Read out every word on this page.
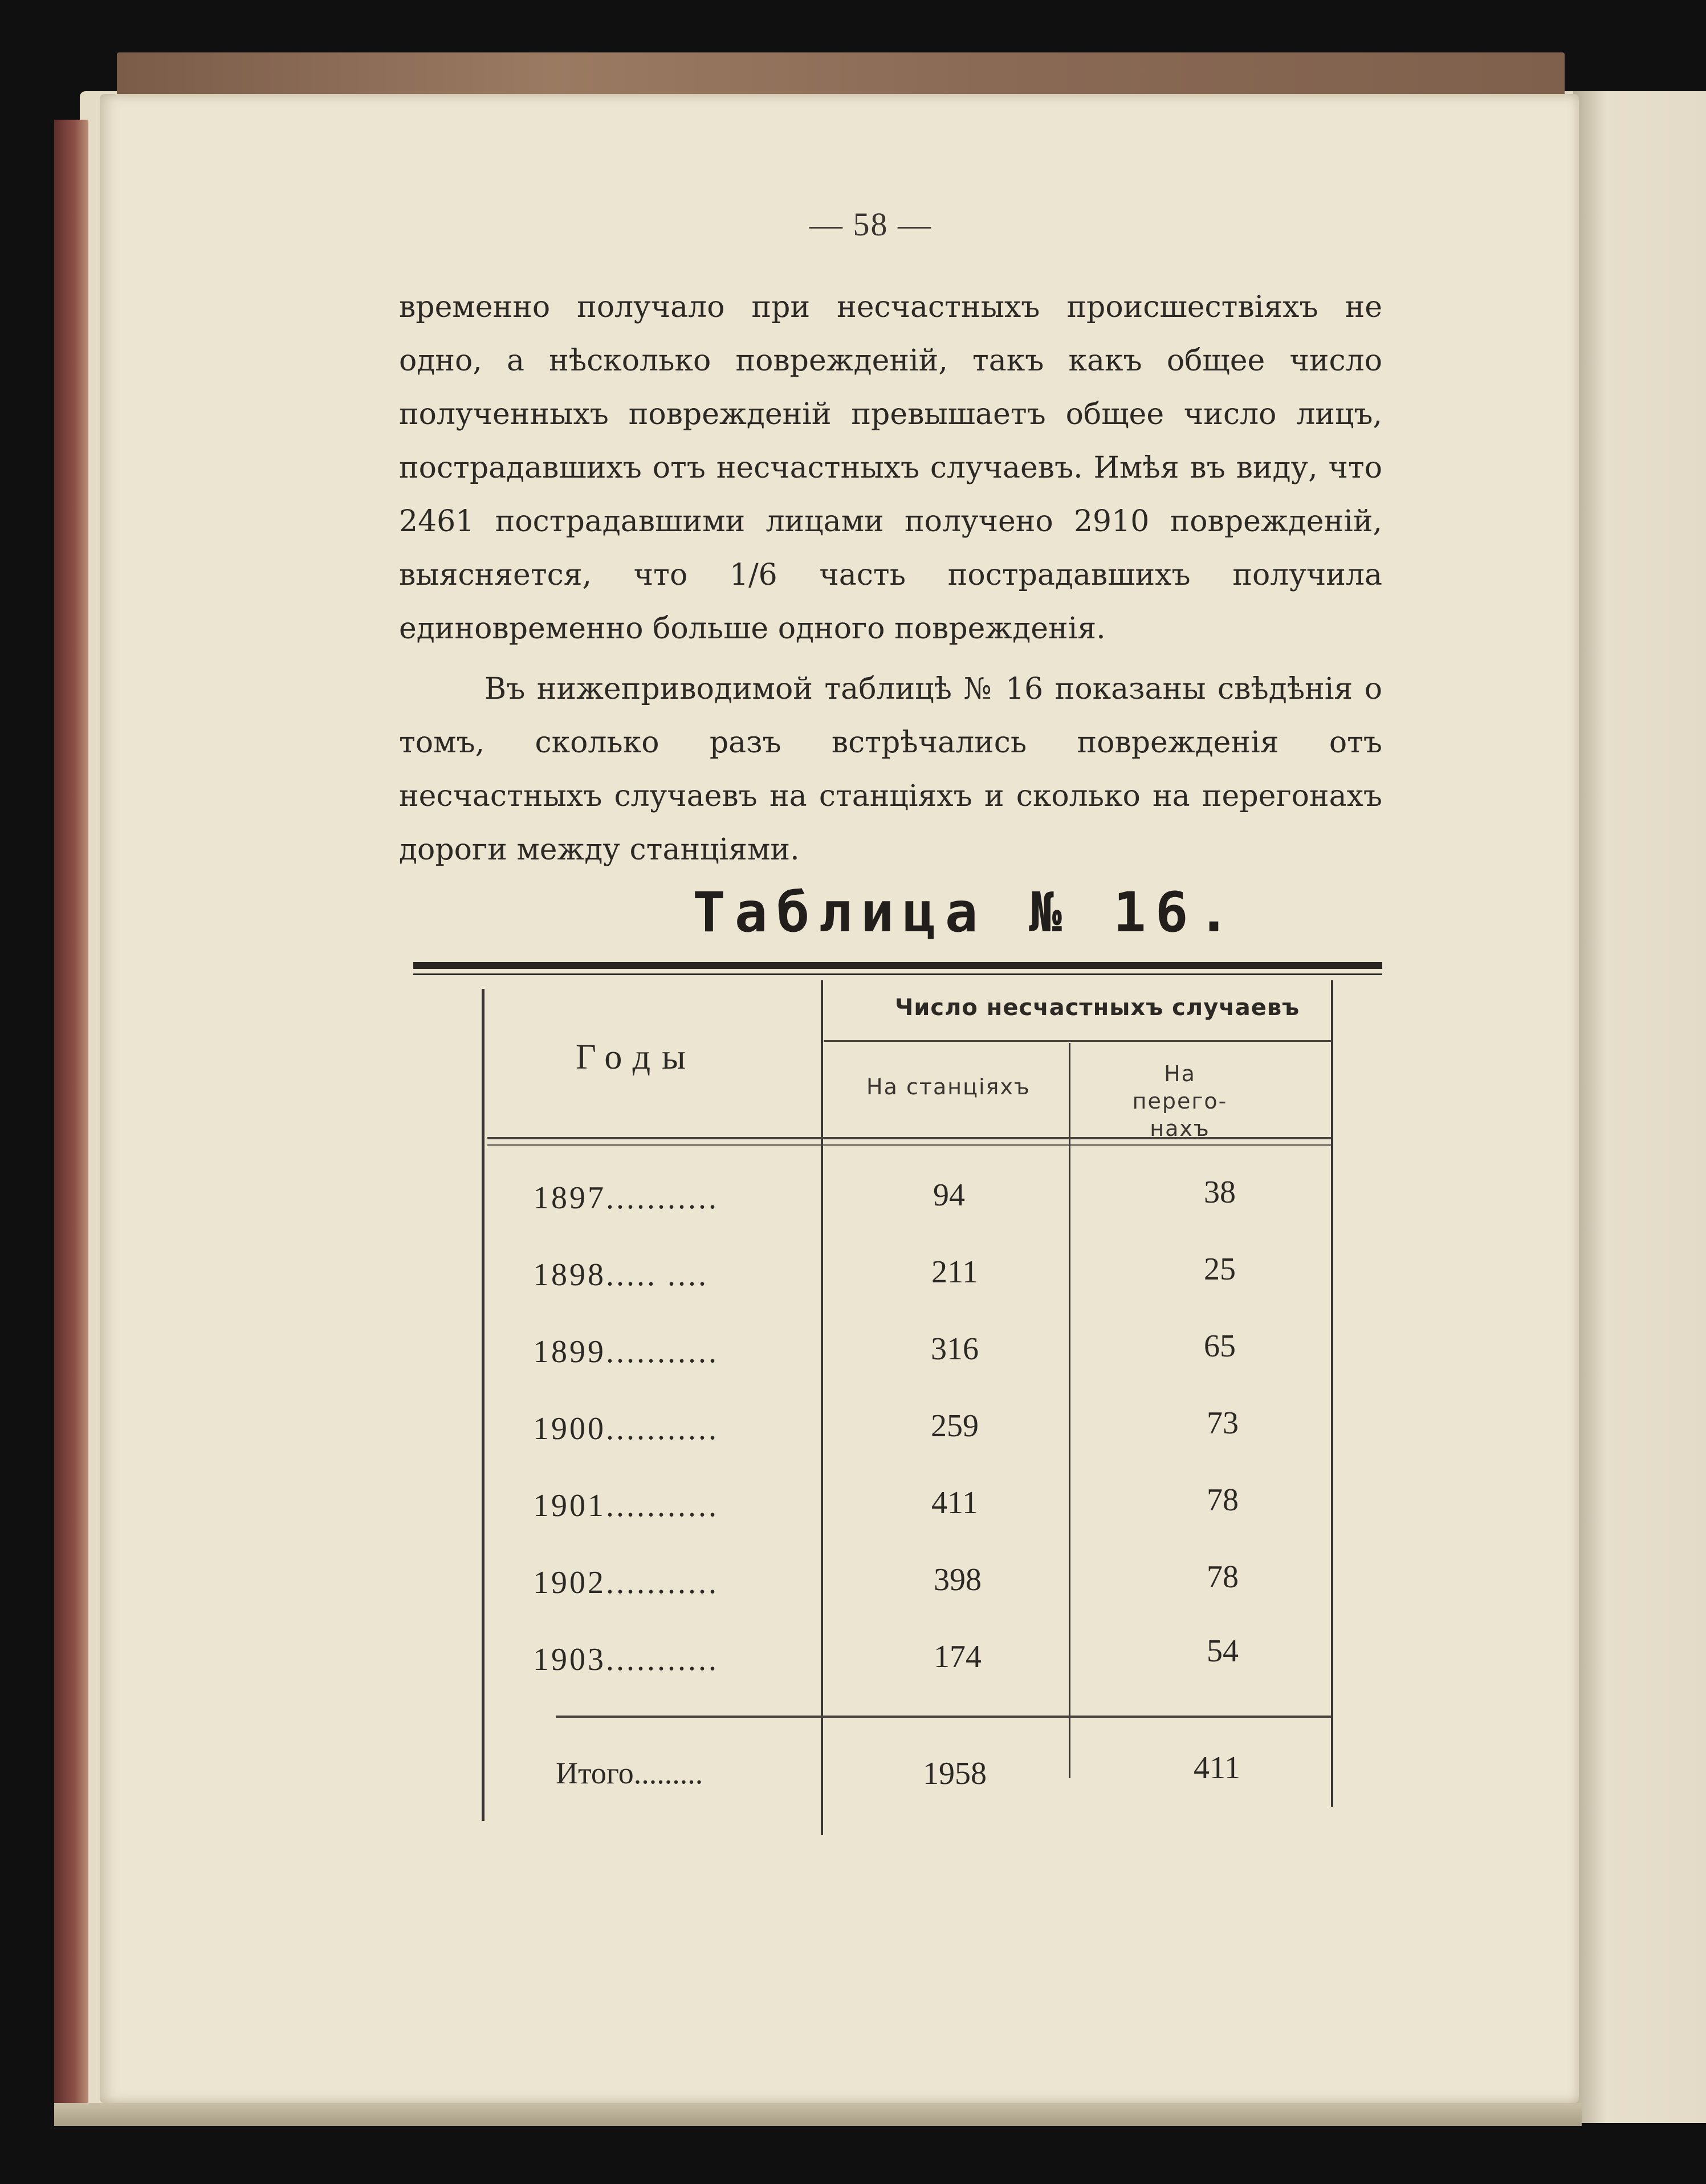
— 58 —
временно получало при несчастныхъ происшествiяхъ не одно, а нѣсколько поврежденiй, такъ какъ общее число полученныхъ поврежденiй превышаетъ общее число лицъ, пострадавшихъ отъ несчастныхъ случаевъ. Имѣя въ виду, что 2461 пострадавшими лицами получено 2910 поврежденiй, выясняется, что 1/6 часть пострадавшихъ получила единовременно больше одного поврежденiя.
Въ нижеприводимой таблицѣ № 16 показаны свѣдѣнiя о томъ, сколько разъ встрѣчались поврежденiя отъ несчастныхъ случаевъ на станцiяхъ и сколько на перегонахъ дороги между станцiями.
Таблица № 16.
Годы
Число несчастныхъ случаевъ
На станцiяхъ
На перего-нахъ
1897...........	94	38
1898..... ....	211	25
1899...........	316	65
1900...........	259	73
1901...........	411	78
1902...........	398	78
1903...........	174	54
Итого.........	1958	411
